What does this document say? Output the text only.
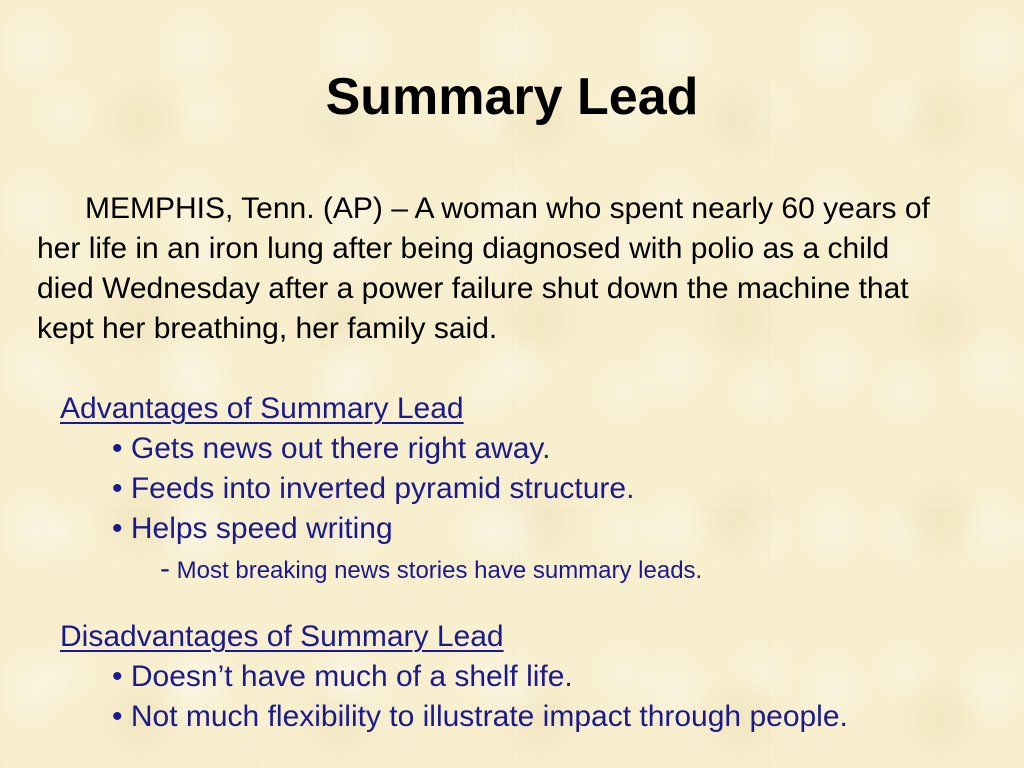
Summary Lead
MEMPHIS, Tenn. (AP) – A woman who spent nearly 60 years of her life in an iron lung after being diagnosed with polio as a child died Wednesday after a power failure shut down the machine that kept her breathing, her family said.
Advantages of Summary Lead
• Gets news out there right away.
• Feeds into inverted pyramid structure.
• Helps speed writing
- Most breaking news stories have summary leads.
Disadvantages of Summary Lead
• Doesn’t have much of a shelf life.
• Not much flexibility to illustrate impact through people.
